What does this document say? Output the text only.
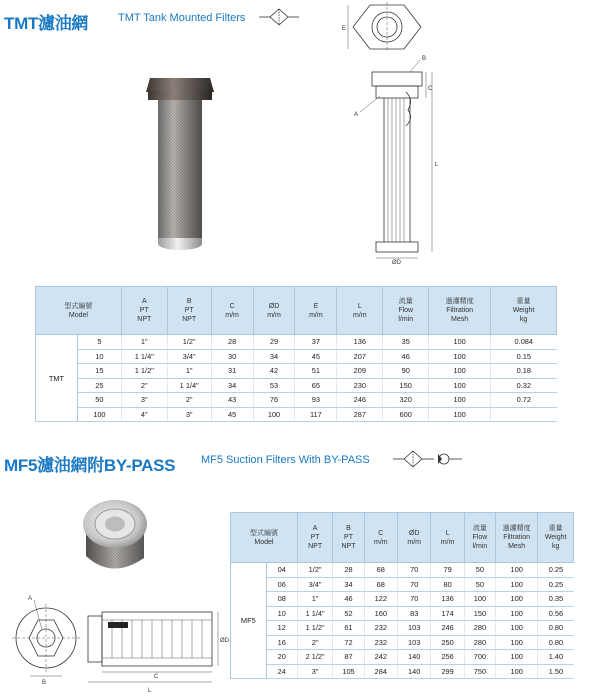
TMT濾油網	TMT Tank Mounted Filters
E
L
C
A
B
ØD
型式編號
Model		A
PT
NPT	B
PT
NPT	C
m/m	ØD
m/m	E
m/m	L
m/m	流量
Flow
l/min	過濾精度
Filtration
Mesh	重量
Weight
kg
TMT	5	1"	1/2"	28	29	37	136	35	100	0.084
	10	1 1/4"	3/4"	30	34	45	207	46	100	0.15
	15	1 1/2"	1"	31	42	51	209	90	100	0.18
	25	2"	1 1/4"	34	53	65	230	150	100	0.32
	50	3"	2"	43	76	93	246	320	100	0.72
	100	4"	3"	45	100	117	287	600	100	
MF5濾油網附BY-PASS MF5 Suction Filters With BY-PASS
A
B
L
C
ØD
型式編號
Model		A
PT
NPT	B
PT
NPT	C
m/m	ØD
m/m	L
m/m	流量
Flow
l/min	過濾精度
Filtration
Mesh	重量
Weight
kg
MF5	04	1/2"	28	68	70	79	50	100	0.25
	06	3/4"	34	68	70	80	50	100	0.25
	08	1"	46	122	70	136	100	100	0.35
	10	1 1/4"	52	160	83	174	150	100	0.56
	12	1 1/2"	61	232	103	246	280	100	0.80
	16	2"	72	232	103	250	280	100	0.80
	20	2 1/2"	87	242	140	256	700	100	1.40
	24	3"	105	284	140	299	750	100	1.50
